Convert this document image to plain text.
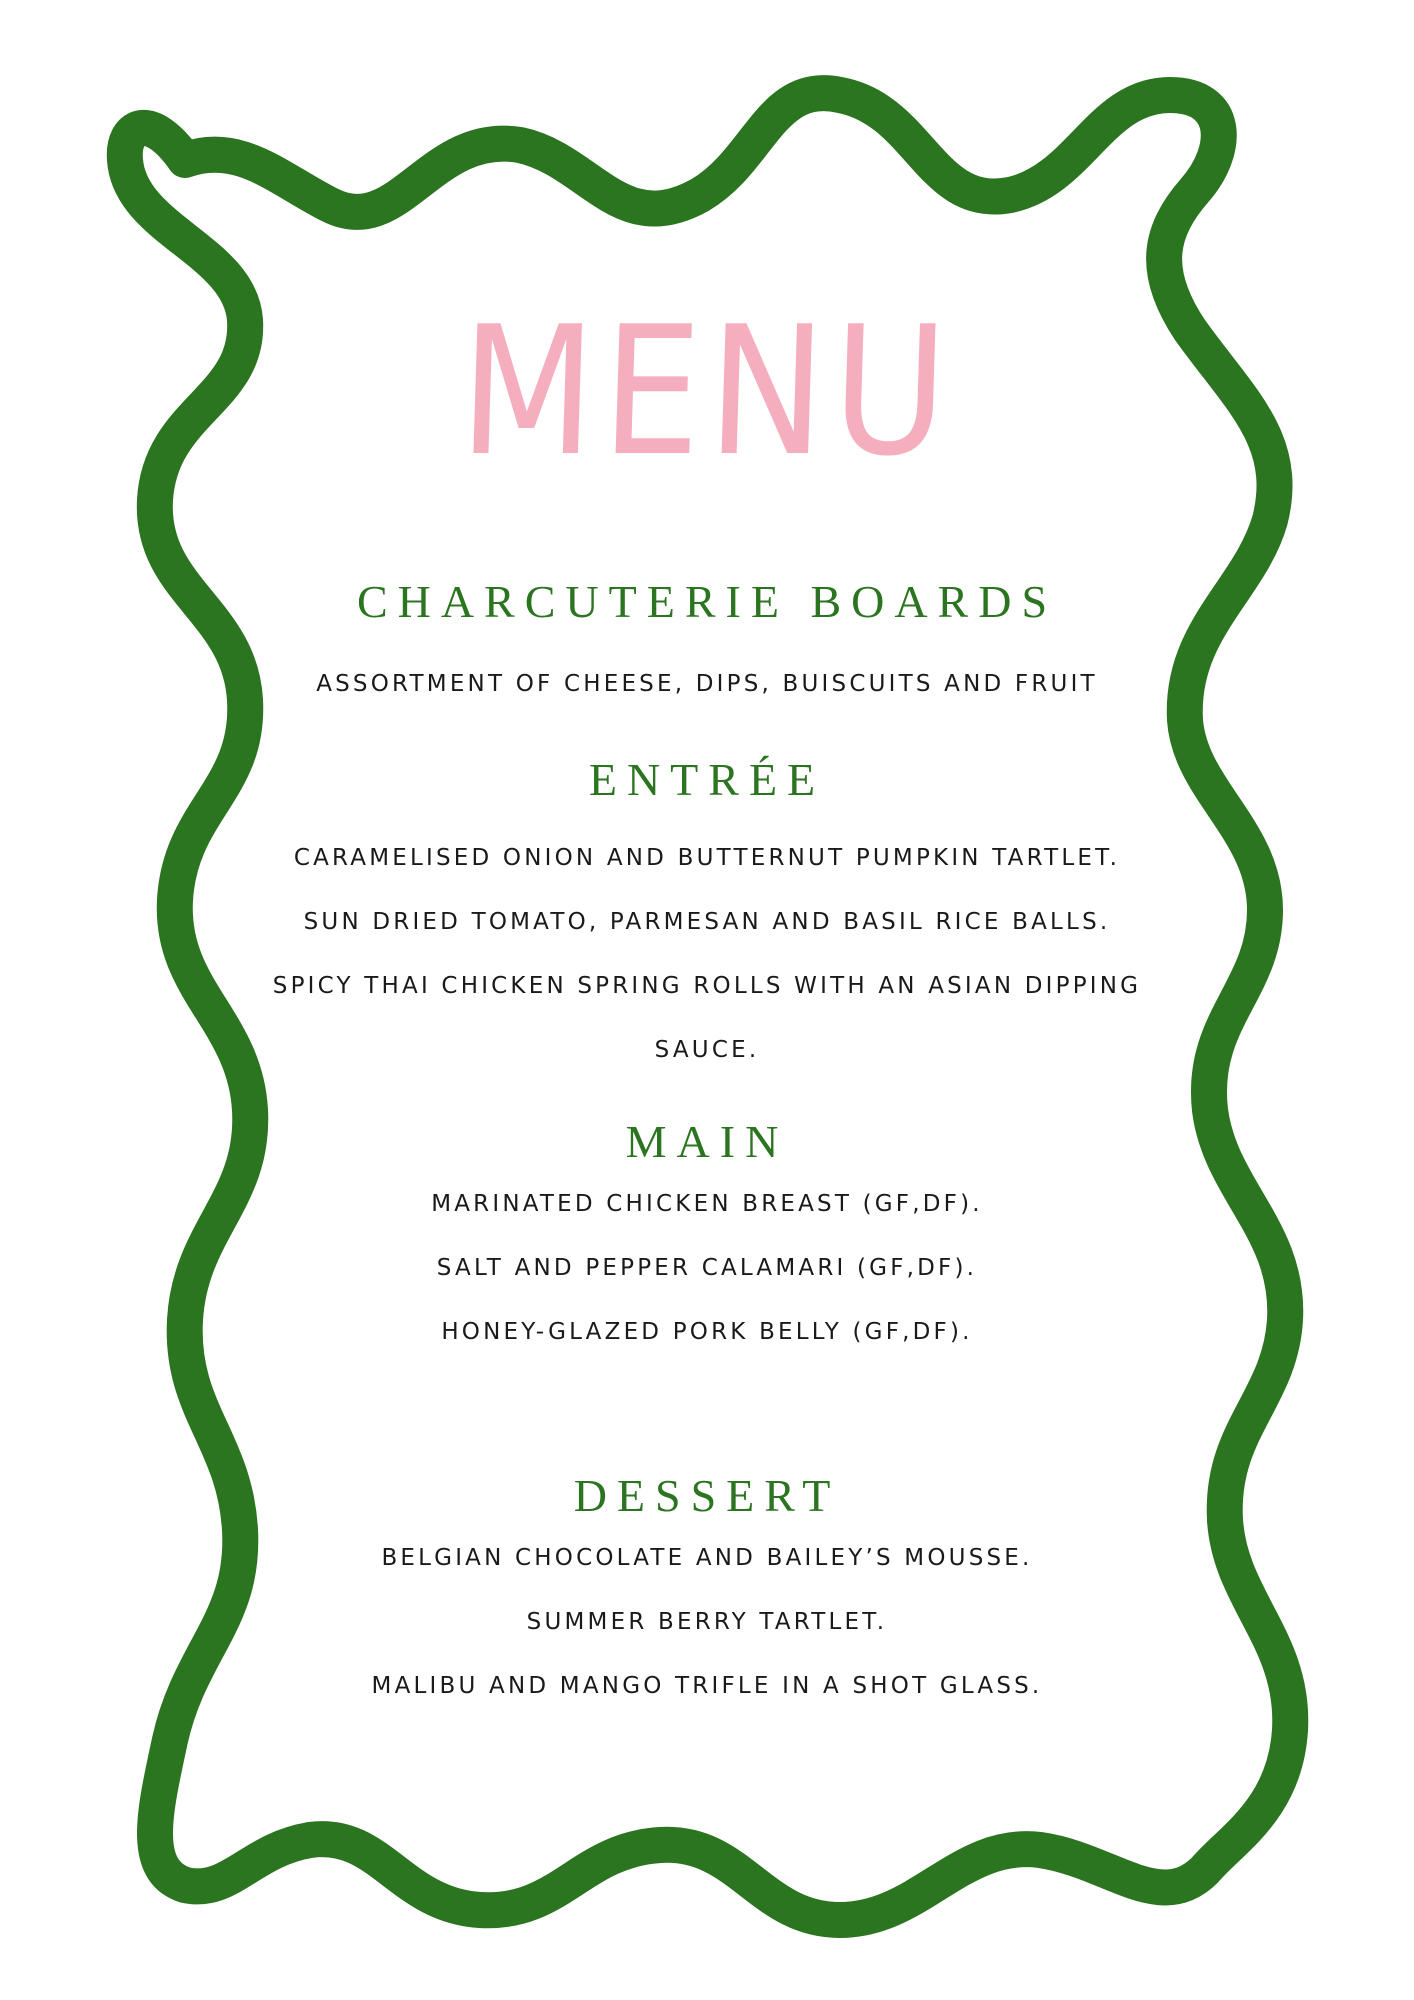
MENU
CHARCUTERIE BOARDS
ASSORTMENT OF CHEESE, DIPS, BUISCUITS AND FRUIT
ENTRÉE
CARAMELISED ONION AND BUTTERNUT PUMPKIN TARTLET.
SUN DRIED TOMATO, PARMESAN AND BASIL RICE BALLS.
SPICY THAI CHICKEN SPRING ROLLS WITH AN ASIAN DIPPING
SAUCE.
MAIN
MARINATED CHICKEN BREAST (GF,DF).
SALT AND PEPPER CALAMARI (GF,DF).
HONEY-GLAZED PORK BELLY (GF,DF).
DESSERT
BELGIAN CHOCOLATE AND BAILEY’S MOUSSE.
SUMMER BERRY TARTLET.
MALIBU AND MANGO TRIFLE IN A SHOT GLASS.
